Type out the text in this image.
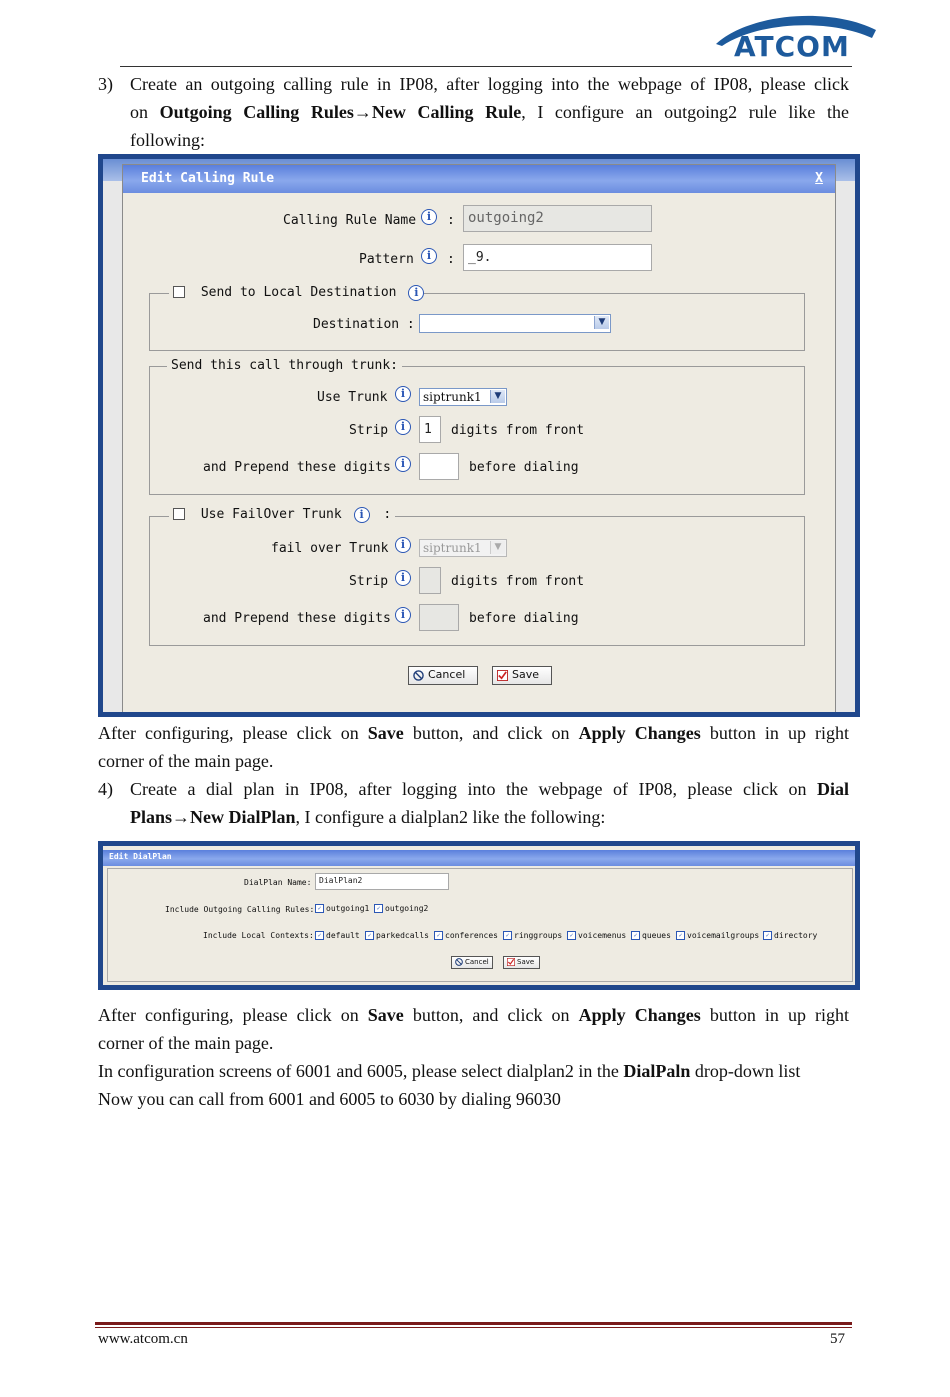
ATCOM
3) Create an outgoing calling rule in IP08, after logging into the webpage of IP08, please click
on Outgoing Calling Rules→New Calling Rule, I configure an outgoing2 rule like the
following:
Edit Calling Rule	X
Calling Rule Name i	: outgoing2
Pattern	i	:	_9.
Send to Local Destination i
Destination :	▼
Send this call through trunk:
Use Trunk	i	siptrunk1	▼
Strip	i	1	digits from front
and Prepend these digits i	before dialing
Use FailOver Trunk i :
fail over Trunk	i	siptrunk1	▼
Strip	i	digits from front
and Prepend these digits i	before dialing
Cancel	Save
After configuring, please click on Save button, and click on Apply Changes button in up right
corner of the main page.
4) Create a dial plan in IP08, after logging into the webpage of IP08, please click on Dial
Plans→New DialPlan, I configure a dialplan2 like the following:
Edit DialPlan
DialPlan Name: DialPlan2
Include Outgoing Calling Rules: ✓ outgoing1	✓ outgoing2
Include Local Contexts: ✓ default	✓ parkedcalls	✓ conferences	✓ ringgroups	✓ voicemenus	✓ queues	✓ voicemailgroups	✓ directory
Cancel	Save
After configuring, please click on Save button, and click on Apply Changes button in up right
corner of the main page.
In configuration screens of 6001 and 6005, please select dialplan2 in the DialPaln drop-down list
Now you can call from 6001 and 6005 to 6030 by dialing 96030
www.atcom.cn	57
